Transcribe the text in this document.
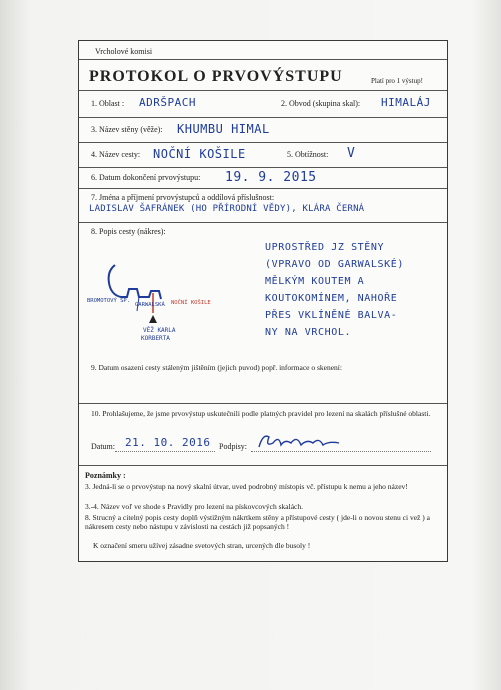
Vrcholové komisi
PROTOKOL O PRVOVÝSTUPU	Platí pro 1 výstup!
1. Oblast : ADRŠPACH	2. Obvod (skupina skal): HIMALÁJ
3. Název stěny (věže): KHUMBU HIMAL
4. Název cesty: NOČNÍ KOŠILE	5. Obtížnost: V
6. Datum dokončení prvovýstupu: 19. 9. 2015
7. Jména a příjmení prvovýstupců a oddílová příslušnost:
LADISLAV ŠAFRÁNEK (HO PŘÍRODNÍ VĚDY), KLÁRA ČERNÁ
8. Popis cesty (nákres):
BROMOTOVÝ SP.
GARWALSKÁ NOČNÍ KOŠILE
VĚŽ KARLA
KORBERTA
UPROSTŘED JZ STĚNY
(VPRAVO OD GARWALSKÉ)
MĚLKÝM KOUTEM A
KOUTOKOMÍNEM, NAHOŘE
PŘES VKLÍNĚNÉ BALVA-
NY NA VRCHOL.
9. Datum osazení cesty stáleným jištěním (jejich puvod) popř. informace o skenení:
10. Prohlašujeme, že jsme prvovýstup uskutečnili podle platných pravidel pro lezení na skalách příslušné oblasti.
Datum: 21. 10. 2016 Podpisy:
Poznámky :
3. Jedná-li se o prvovýstup na nový skalní útvar, uved podrobný místopis vč. přístupu k nemu a jeho název!
3.-4. Název voľ ve shode s Pravidly pro lezení na pískovcových skalách.
8. Strucný a citelný popis cesty doplň výstižným nákrtkem stěny a přístupové cesty ( jde-li o novou stenu ci vež ) a nákresem cesty nebo nástupu v závislosti na cestách již popsaných !
K označení smeru užívej zásadne svetových stran, urcených dle busoly !
